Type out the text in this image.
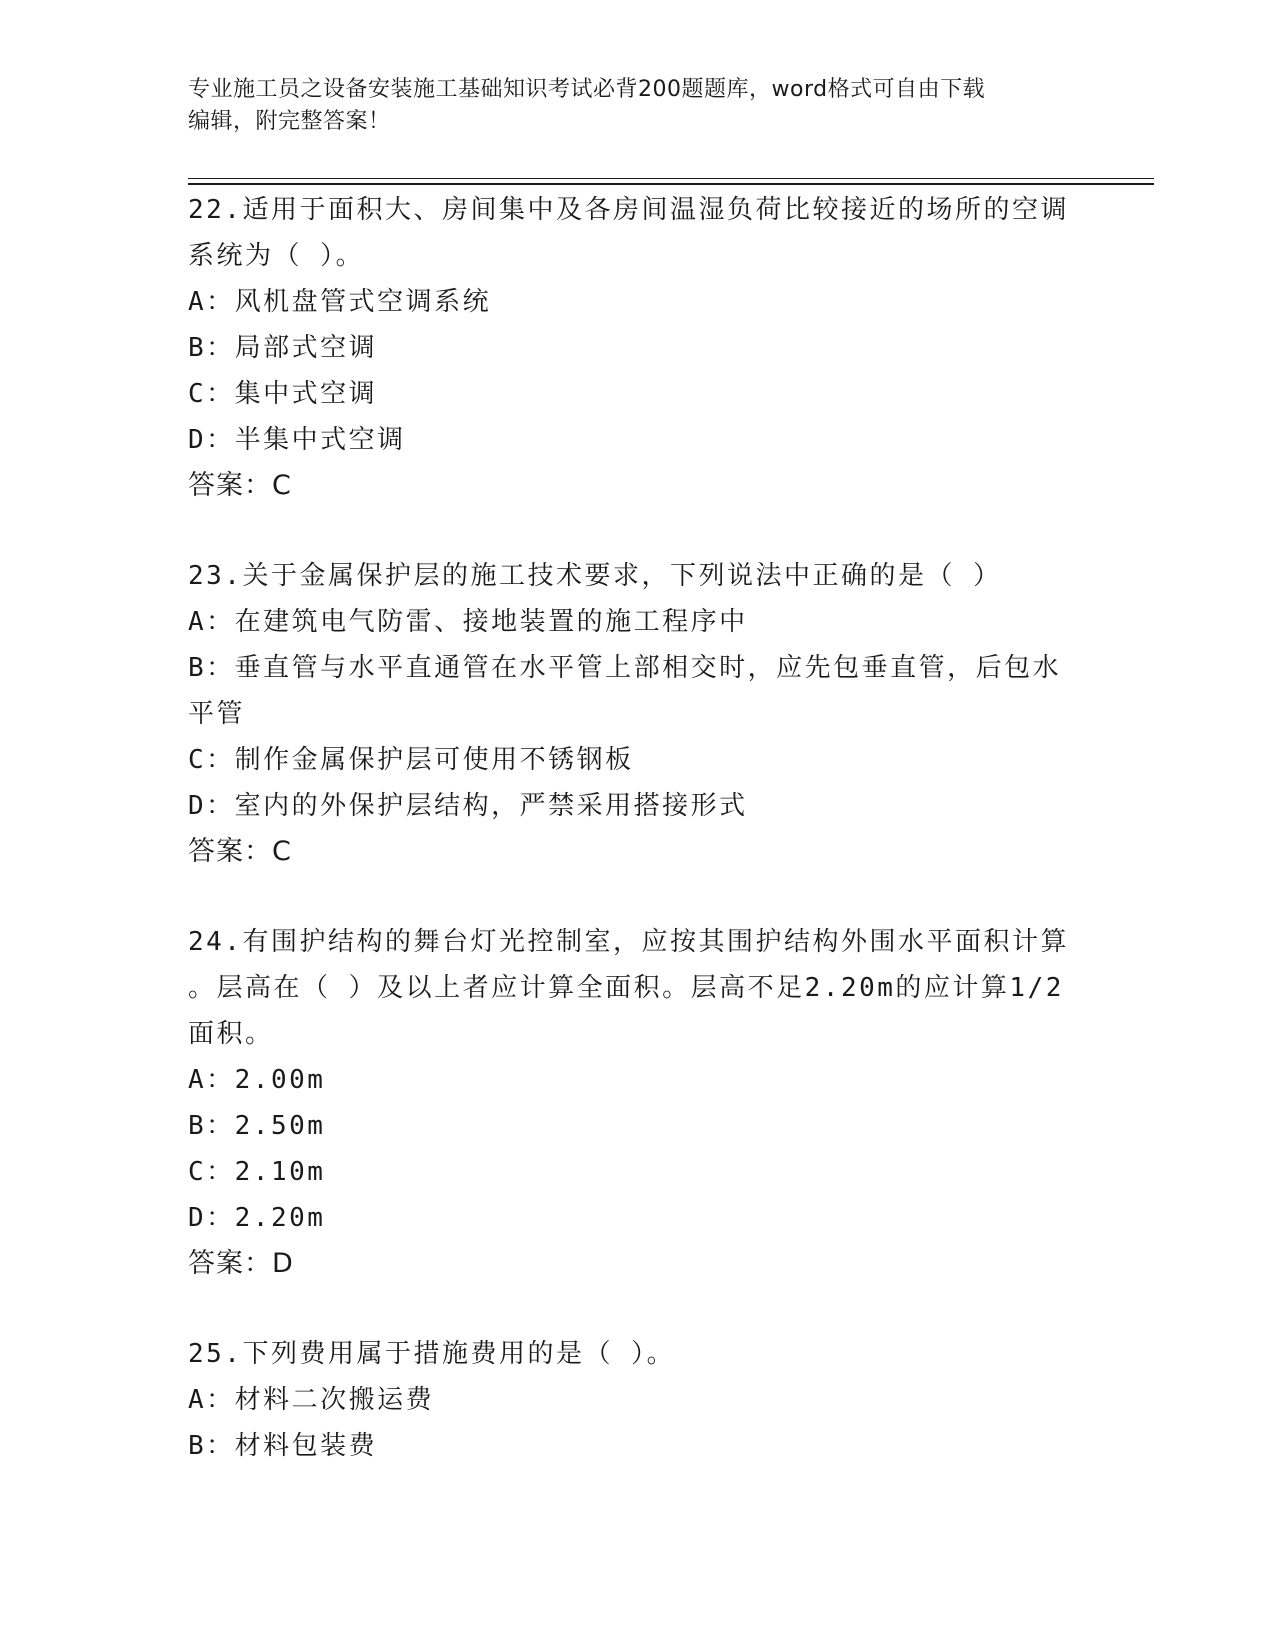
专业施工员之设备安装施工基础知识考试必背200题题库，word格式可自由下载
编辑，附完整答案！
22.适用于面积大、房间集中及各房间温湿负荷比较接近的场所的空调
系统为（ ）。
A：风机盘管式空调系统
B：局部式空调
C：集中式空调
D：半集中式空调
答案：C
23.关于金属保护层的施工技术要求，下列说法中正确的是（ ）
A：在建筑电气防雷、接地装置的施工程序中
B：垂直管与水平直通管在水平管上部相交时，应先包垂直管，后包水
平管
C：制作金属保护层可使用不锈钢板
D：室内的外保护层结构，严禁采用搭接形式
答案：C
24.有围护结构的舞台灯光控制室，应按其围护结构外围水平面积计算
。层高在（ ）及以上者应计算全面积。层高不足2.20m的应计算1/2
面积。
A：2.00m
B：2.50m
C：2.10m
D：2.20m
答案：D
25.下列费用属于措施费用的是（ ）。
A：材料二次搬运费
B：材料包装费
